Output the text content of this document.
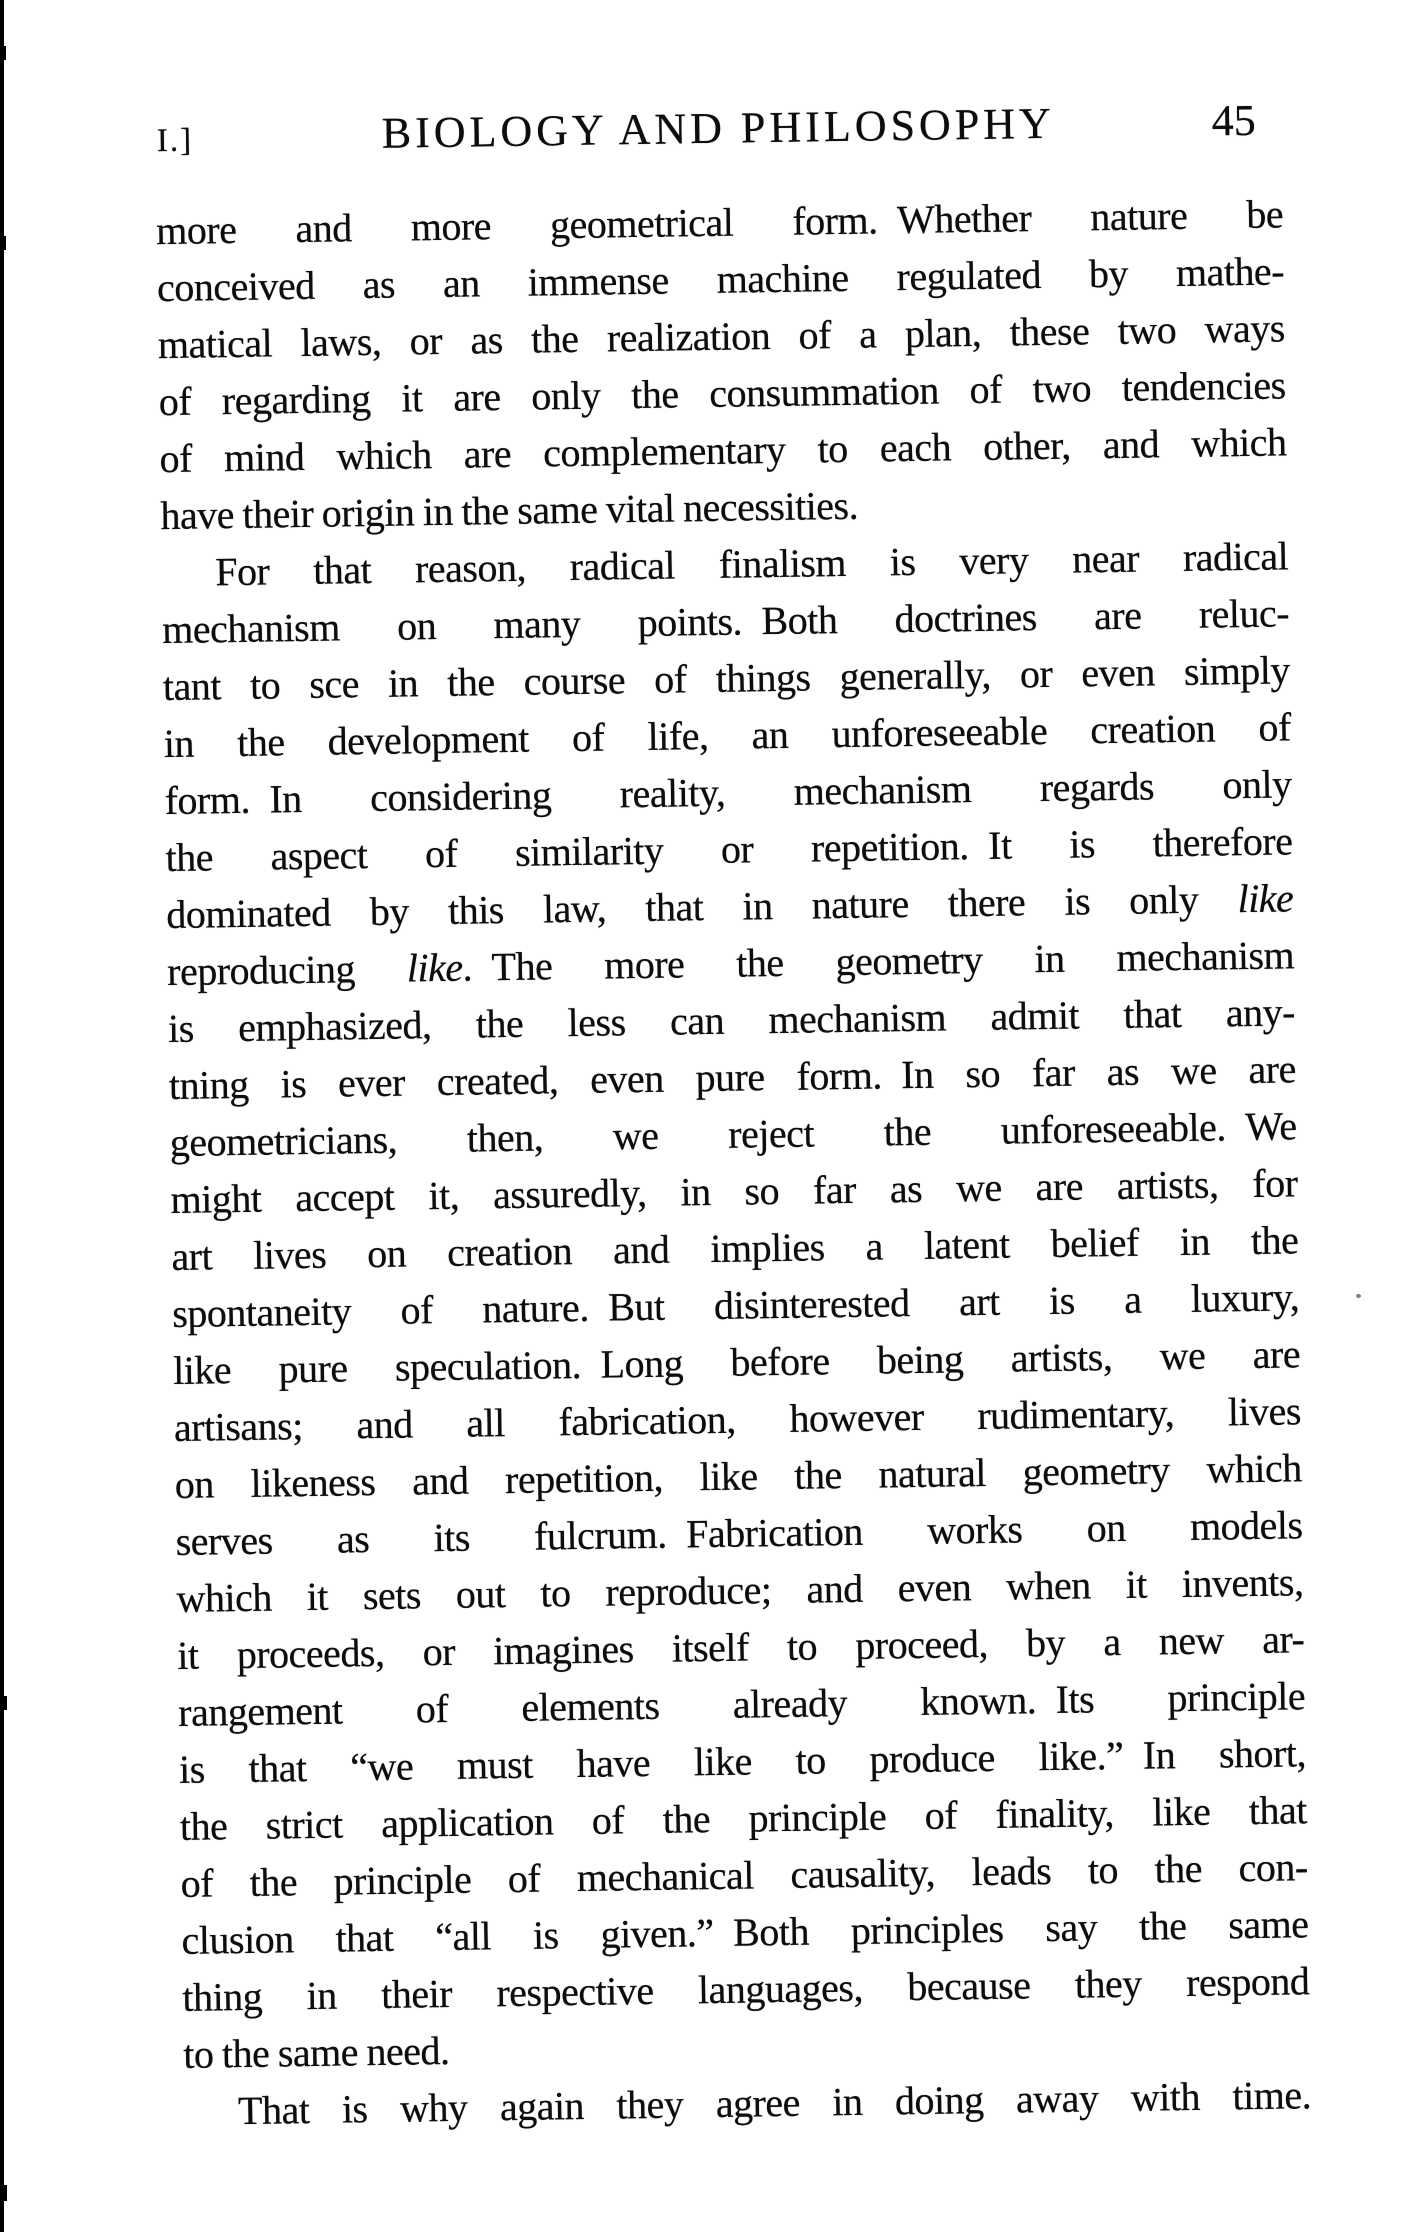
I.]	BIOLOGY AND PHILOSOPHY	45
more and more geometrical form. Whether nature be
conceived as an immense machine regulated by mathe-
matical laws, or as the realization of a plan, these two ways
of regarding it are only the consummation of two tendencies
of mind which are complementary to each other, and which
have their origin in the same vital necessities.
For that reason, radical finalism is very near radical
mechanism on many points. Both doctrines are reluc-
tant to sce in the course of things generally, or even simply
in the development of life, an unforeseeable creation of
form. In considering reality, mechanism regards only
the aspect of similarity or repetition. It is therefore
dominated by this law, that in nature there is only like
reproducing like. The more the geometry in mechanism
is emphasized, the less can mechanism admit that any-
tning is ever created, even pure form. In so far as we are
geometricians, then, we reject the unforeseeable. We
might accept it, assuredly, in so far as we are artists, for
art lives on creation and implies a latent belief in the
spontaneity of nature. But disinterested art is a luxury,
like pure speculation. Long before being artists, we are
artisans; and all fabrication, however rudimentary, lives
on likeness and repetition, like the natural geometry which
serves as its fulcrum. Fabrication works on models
which it sets out to reproduce; and even when it invents,
it proceeds, or imagines itself to proceed, by a new ar-
rangement of elements already known. Its principle
is that “we must have like to produce like.” In short,
the strict application of the principle of finality, like that
of the principle of mechanical causality, leads to the con-
clusion that “all is given.” Both principles say the same
thing in their respective languages, because they respond
to the same need.
That is why again they agree in doing away with time.
